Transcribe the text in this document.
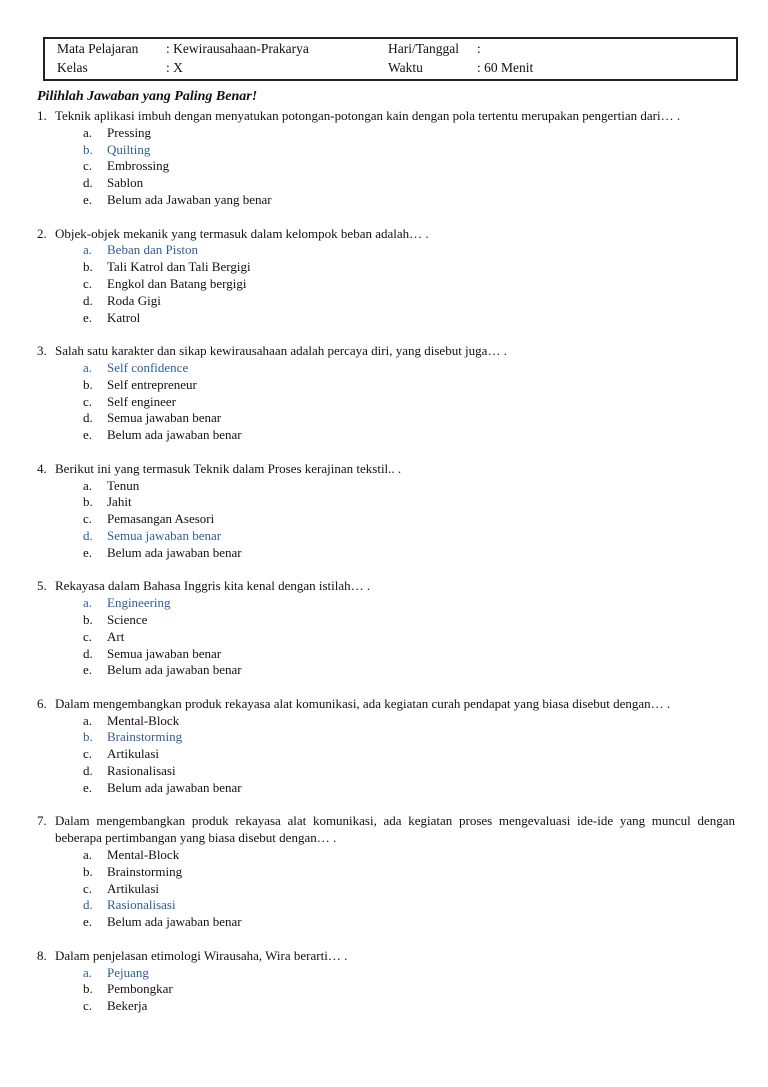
Mata Pelajaran : Kewirausahaan-Prakarya	Hari/Tanggal :
Kelas	: X	Waktu	: 60 Menit
Pilihlah Jawaban yang Paling Benar!
1. Teknik aplikasi imbuh dengan menyatukan potongan-potongan kain dengan pola tertentu merupakan pengertian dari… .
a.	Pressing
b.	Quilting
c.	Embrossing
d.	Sablon
e.	Belum ada Jawaban yang benar
2. Objek-objek mekanik yang termasuk dalam kelompok beban adalah… .
a.	Beban dan Piston
b.	Tali Katrol dan Tali Bergigi
c.	Engkol dan Batang bergigi
d.	Roda Gigi
e.	Katrol
3. Salah satu karakter dan sikap kewirausahaan adalah percaya diri, yang disebut juga… .
a.	Self confidence
b.	Self entrepreneur
c.	Self engineer
d.	Semua jawaban benar
e.	Belum ada jawaban benar
4. Berikut ini yang termasuk Teknik dalam Proses kerajinan tekstil.. .
a.	Tenun
b.	Jahit
c.	Pemasangan Asesori
d.	Semua jawaban benar
e.	Belum ada jawaban benar
5. Rekayasa dalam Bahasa Inggris kita kenal dengan istilah… .
a.	Engineering
b.	Science
c.	Art
d.	Semua jawaban benar
e.	Belum ada jawaban benar
6. Dalam mengembangkan produk rekayasa alat komunikasi, ada kegiatan curah pendapat yang biasa disebut dengan… .
a.	Mental-Block
b.	Brainstorming
c.	Artikulasi
d.	Rasionalisasi
e.	Belum ada jawaban benar
7. Dalam mengembangkan produk rekayasa alat komunikasi, ada kegiatan proses mengevaluasi ide-ide yang muncul dengan beberapa pertimbangan yang biasa disebut dengan… .
a.	Mental-Block
b.	Brainstorming
c.	Artikulasi
d.	Rasionalisasi
e.	Belum ada jawaban benar
8. Dalam penjelasan etimologi Wirausaha, Wira berarti… .
a.	Pejuang
b.	Pembongkar
c.	Bekerja
